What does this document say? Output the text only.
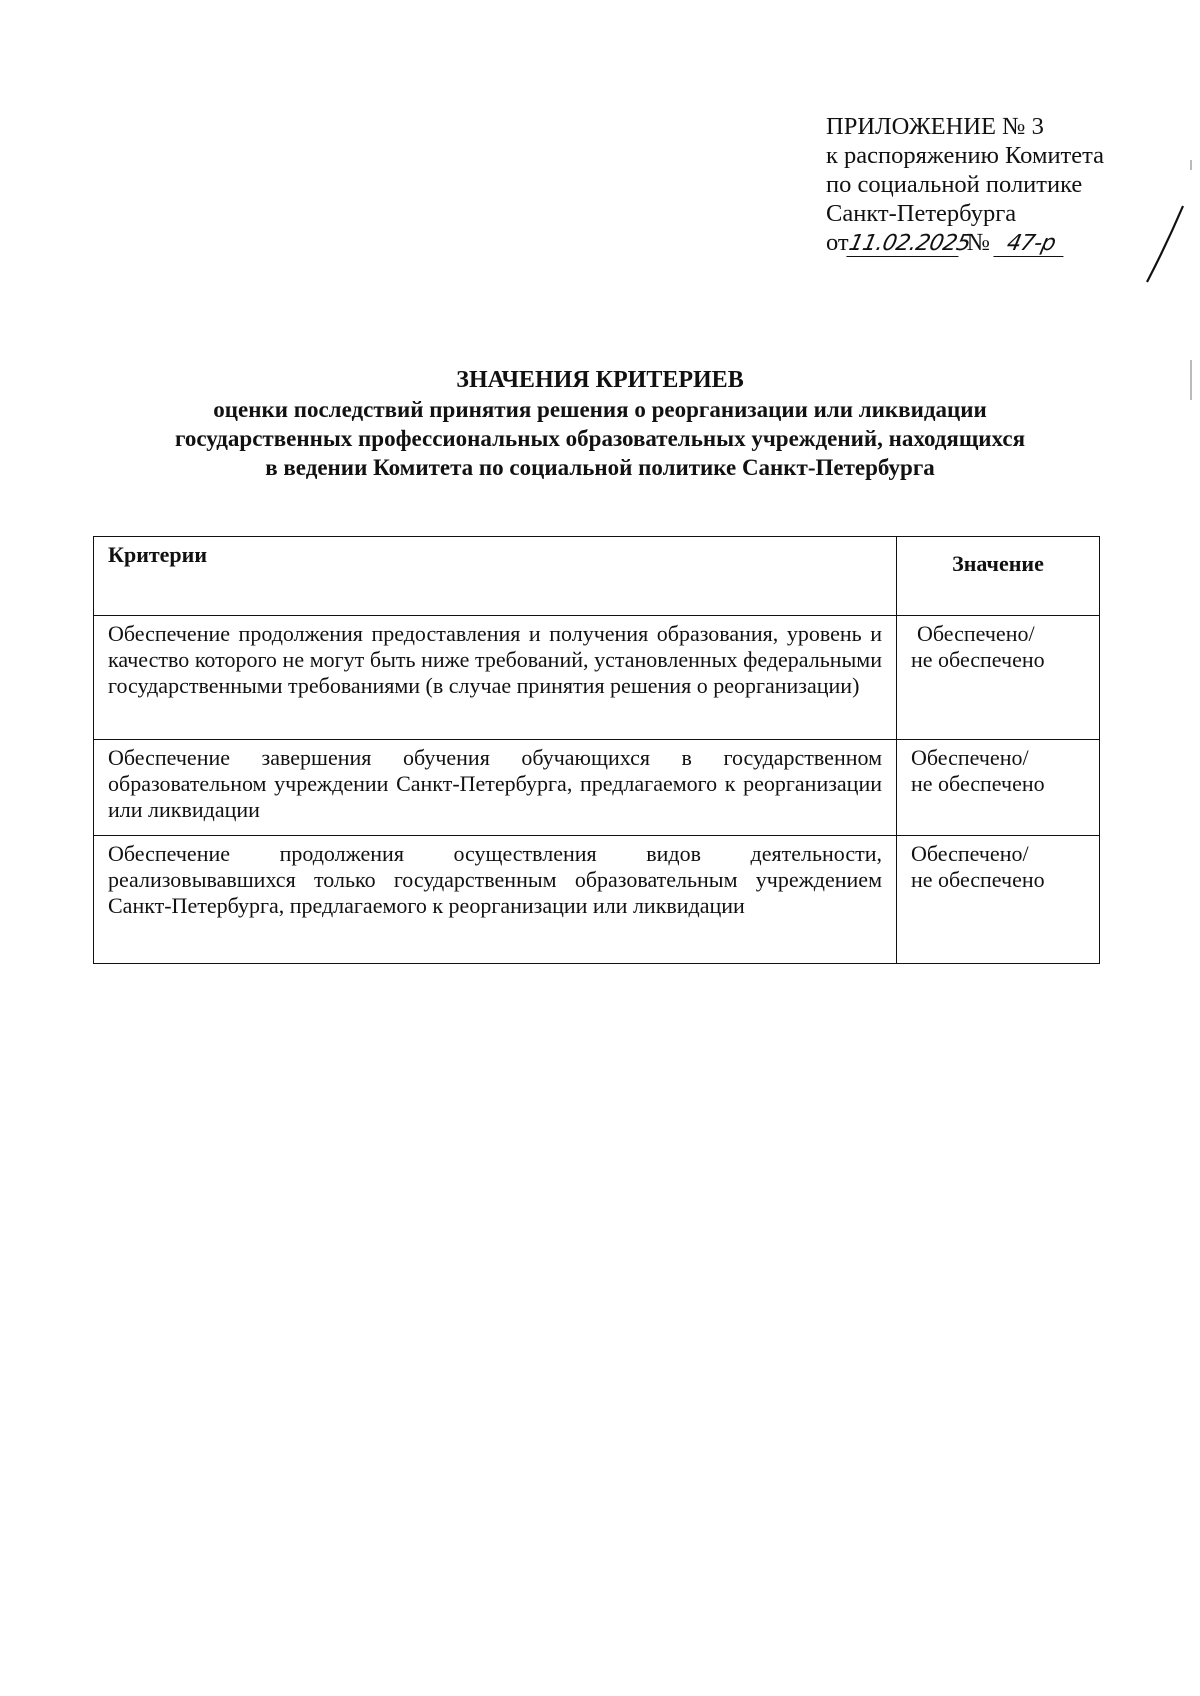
ПРИЛОЖЕНИЕ № 3
к распоряжению Комитета
по социальной политике
Санкт-Петербурга
от11.02.2025 № 47-р
ЗНАЧЕНИЯ КРИТЕРИЕВ
оценки последствий принятия решения о реорганизации или ликвидации
государственных профессиональных образовательных учреждений, находящихся
в ведении Комитета по социальной политике Санкт-Петербурга
Критерии	Значение
Обеспечение продолжения предоставления и получения образования, уровень и качество которого не могут быть ниже требований, установленных федеральными государственными требованиями (в случае принятия решения о реорганизации)	Обеспечено/
не обеспечено

Обеспечение завершения обучения обучающихся в государственном образовательном учреждении Санкт-Петербурга, предлагаемого к реорганизации или ликвидации	Обеспечено/
не обеспечено

Обеспечение продолжения осуществления видов деятельности, реализовывавшихся только государственным образовательным учреждением Санкт-Петербурга, предлагаемого к реорганизации или ликвидации	Обеспечено/
не обеспечено
